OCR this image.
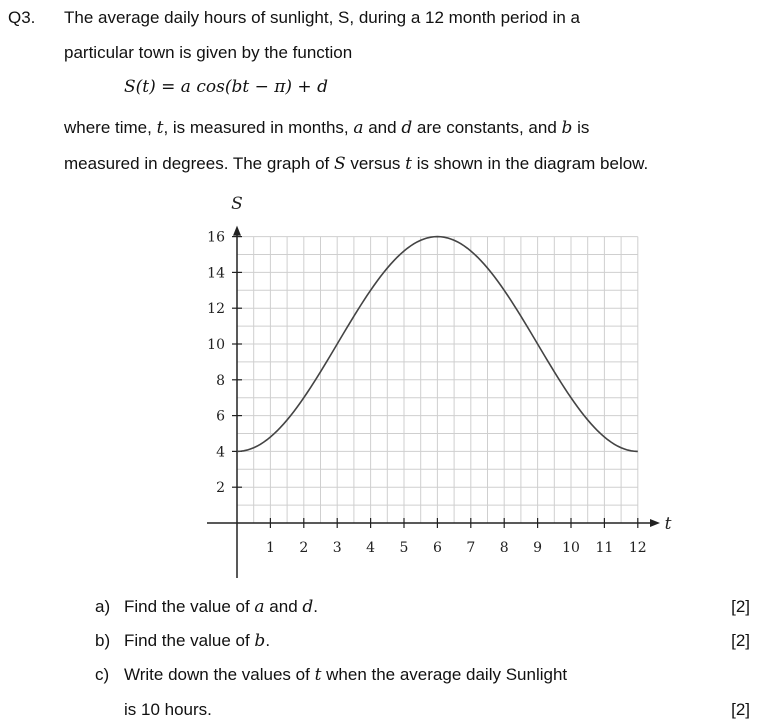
Q3. The average daily hours of sunlight, S, during a 12 month period in a
particular town is given by the function
S(t) = a cos(bt − π) + d
where time, t, is measured in months, a and d are constants, and b is
measured in degrees. The graph of S versus t is shown in the diagram below.
1 2 3 4 5 6 7 8 9 10 11 12
2
4
6
8
10
12
14
16
S
t
a) Find the value of a and d.	[2]
b) Find the value of b.	[2]
c) Write down the values of t when the average daily Sunlight
is 10 hours.	[2]
